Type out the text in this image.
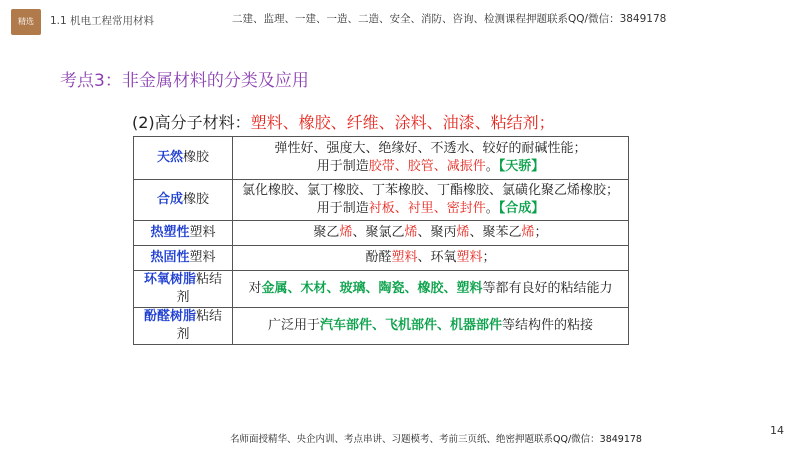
精选	1.1 机电工程常用材料	二建、监理、一建、一造、二造、安全、消防、咨询、检测课程押题联系QQ/微信：3849178
考点3：非金属材料的分类及应用
(2)高分子材料：塑料、橡胶、纤维、涂料、油漆、粘结剂；
天然橡胶	弹性好、强度大、绝缘好、不透水、较好的耐碱性能；
用于制造胶带、胶管、减振件。【天骄】

合成橡胶	氯化橡胶、氯丁橡胶、丁苯橡胶、丁酯橡胶、氯磺化聚乙烯橡胶；
用于制造衬板、衬里、密封件。【合成】

热塑性塑料	聚乙烯、聚氯乙烯、聚丙烯、聚苯乙烯；
热固性塑料	酚醛塑料、环氧塑料；
环氧树脂粘结剂	对金属、木材、玻璃、陶瓷、橡胶、塑料等都有良好的粘结能力
酚醛树脂粘结剂	广泛用于汽车部件、飞机部件、机器部件等结构件的粘接
14
名师面授精华、央企内训、考点串讲、习题模考、考前三页纸、绝密押题联系QQ/微信：3849178
